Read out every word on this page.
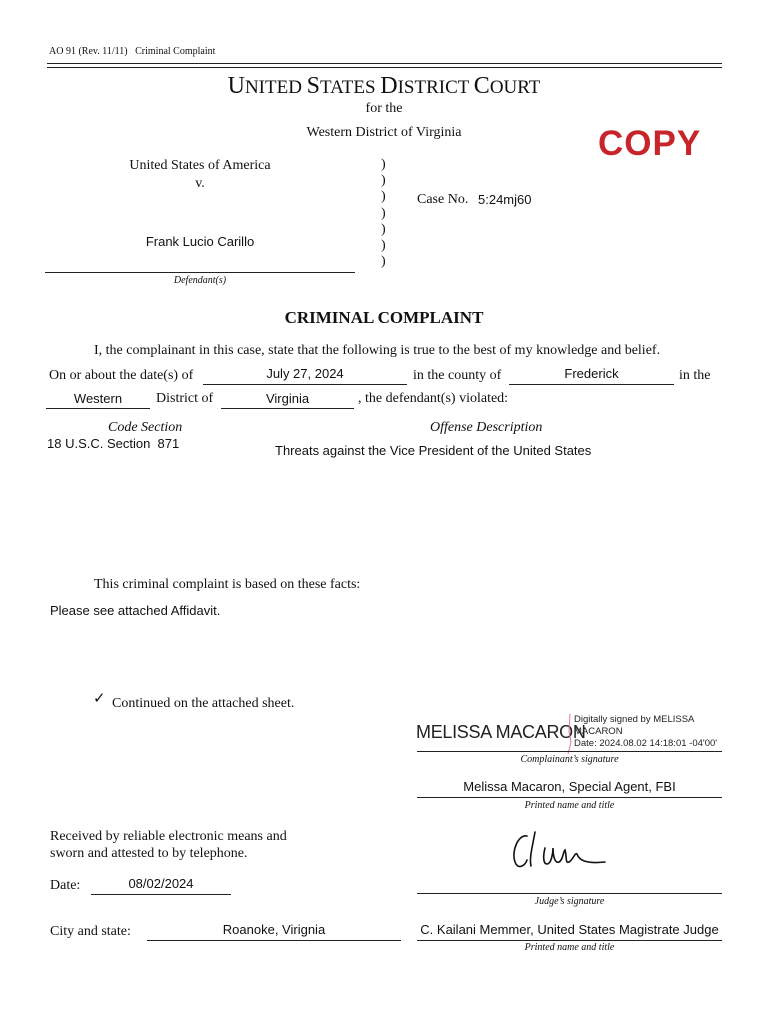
AO 91 (Rev. 11/11) Criminal Complaint
UNITED STATES DISTRICT COURT
for the
Western District of Virginia	COPY
United States of America
v.
Frank Lucio Carillo
Defendant(s)
)
)
)
)
)
)
)
Case No. 5:24mj60
CRIMINAL COMPLAINT
I, the complainant in this case, state that the following is true to the best of my knowledge and belief.
On or about the date(s) of	July 27, 2024	in the county of	Frederick	in the
Western	District of	Virginia	, the defendant(s) violated:
Code Section	Offense Description
18 U.S.C. Section  871	Threats against the Vice President of the United States
This criminal complaint is based on these facts:
Please see attached Affidavit.
✓ Continued on the attached sheet.
MELISSA MACARON
Digitally signed by MELISSA
MACARON
Date: 2024.08.02 14:18:01 -04'00'
Complainant’s signature
Melissa Macaron, Special Agent, FBI
Printed name and title
Received by reliable electronic means and
sworn and attested to by telephone.
Judge’s signature
Date:	08/02/2024
City and state:	Roanoke, Virignia	C. Kailani Memmer, United States Magistrate Judge
Printed name and title
